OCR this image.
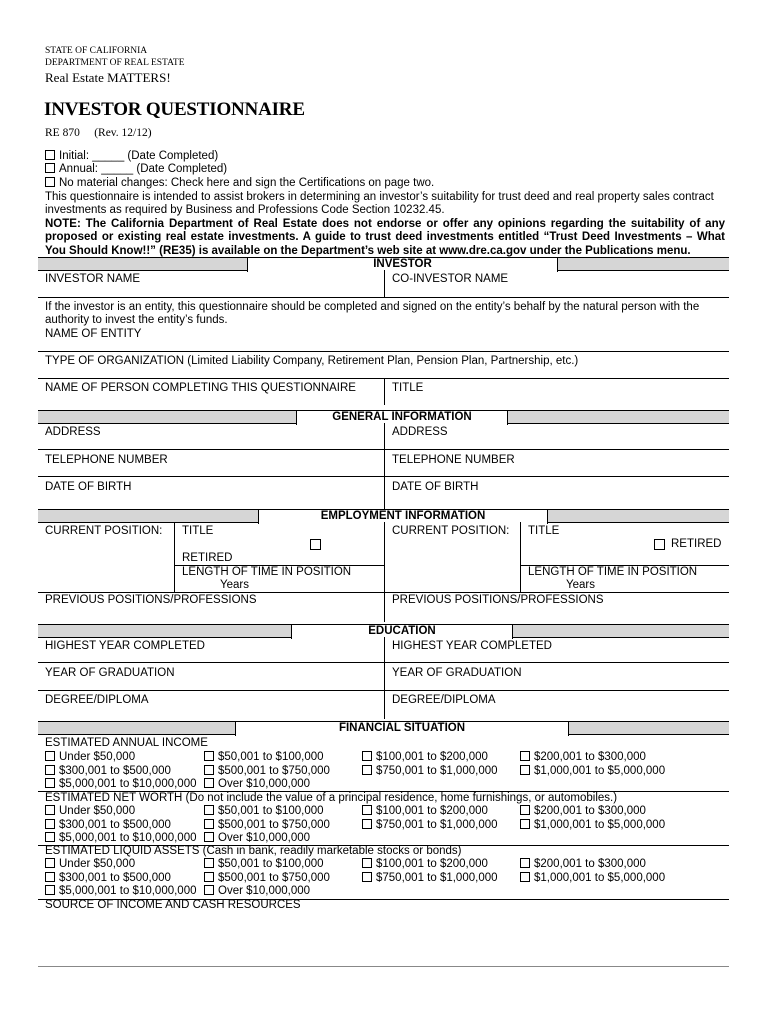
STATE OF CALIFORNIA
DEPARTMENT OF REAL ESTATE
Real Estate MATTERS!
INVESTOR QUESTIONNAIRE
RE 870     (Rev. 12/12)
Initial: _____ (Date Completed)
Annual: _____ (Date Completed)
No material changes: Check here and sign the Certifications on page two.

This questionnaire is intended to assist brokers in determining an investor’s suitability for trust deed and real property sales contract investments as required by Business and Professions Code Section 10232.45.

NOTE: The California Department of Real Estate does not endorse or offer any opinions regarding the suitability of any proposed or existing real estate investments. A guide to trust deed investments entitled “Trust Deed Investments – What You Should Know!!” (RE35) is available on the Department’s web site at www.dre.ca.gov under the Publications menu.

INVESTOR
INVESTOR NAME	CO-INVESTOR NAME
If the investor is an entity, this questionnaire should be completed and signed on the entity’s behalf by the natural person with the authority to invest the entity’s funds.
NAME OF ENTITY
TYPE OF ORGANIZATION (Limited Liability Company, Retirement Plan, Pension Plan, Partnership, etc.)
NAME OF PERSON COMPLETING THIS QUESTIONNAIRE	TITLE
GENERAL INFORMATION
ADDRESS	ADDRESS
TELEPHONE NUMBER	TELEPHONE NUMBER
DATE OF BIRTH	DATE OF BIRTH
EMPLOYMENT INFORMATION
CURRENT POSITION: TITLE
RETIRED
LENGTH OF TIME IN POSITION
Years
CURRENT POSITION: TITLE
RETIRED
LENGTH OF TIME IN POSITION
Years
PREVIOUS POSITIONS/PROFESSIONS	PREVIOUS POSITIONS/PROFESSIONS
EDUCATION
HIGHEST YEAR COMPLETED	HIGHEST YEAR COMPLETED
YEAR OF GRADUATION	YEAR OF GRADUATION
DEGREE/DIPLOMA	DEGREE/DIPLOMA
FINANCIAL SITUATION
ESTIMATED ANNUAL INCOME
Under $50,000	$50,001 to $100,000	$100,001 to $200,000	$200,001 to $300,000
$300,001 to $500,000	$500,001 to $750,000	$750,001 to $1,000,000	$1,000,001 to $5,000,000
$5,000,001 to $10,000,000	Over $10,000,000
ESTIMATED NET WORTH (Do not include the value of a principal residence, home furnishings, or automobiles.)
Under $50,000	$50,001 to $100,000	$100,001 to $200,000	$200,001 to $300,000
$300,001 to $500,000	$500,001 to $750,000	$750,001 to $1,000,000	$1,000,001 to $5,000,000
$5,000,001 to $10,000,000	Over $10,000,000
ESTIMATED LIQUID ASSETS (Cash in bank, readily marketable stocks or bonds)
Under $50,000	$50,001 to $100,000	$100,001 to $200,000	$200,001 to $300,000
$300,001 to $500,000	$500,001 to $750,000	$750,001 to $1,000,000	$1,000,001 to $5,000,000
$5,000,001 to $10,000,000	Over $10,000,000
SOURCE OF INCOME AND CASH RESOURCES
